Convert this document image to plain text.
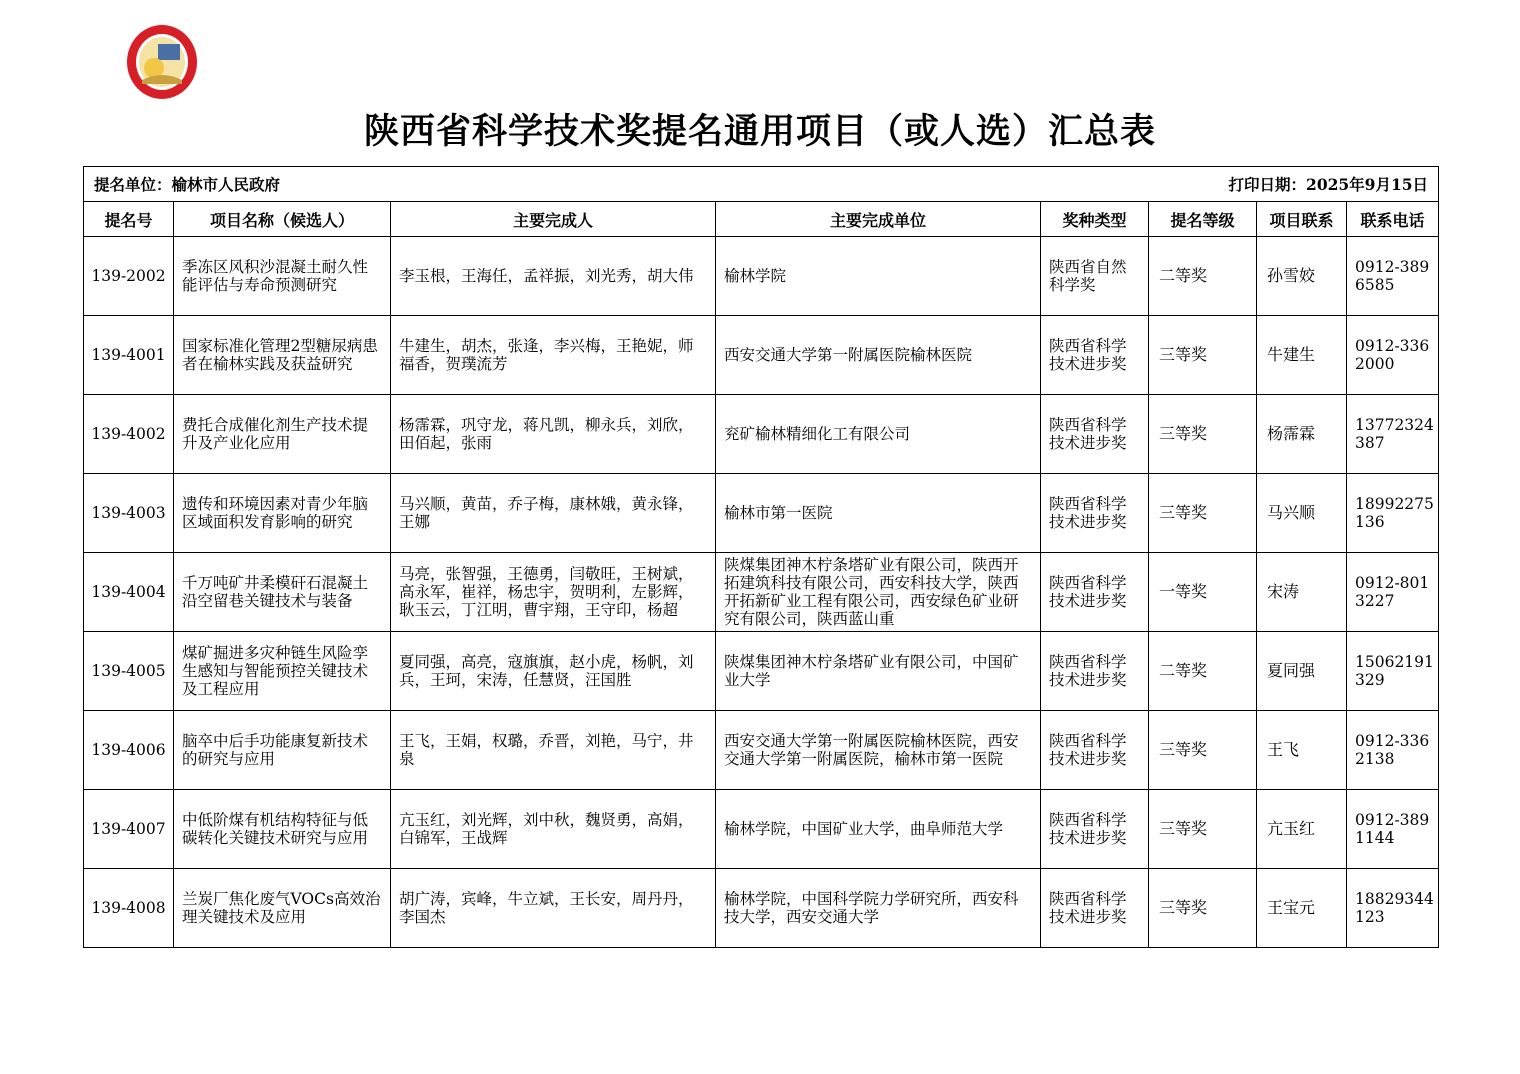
陕西省科学技术奖提名通用项目（或人选）汇总表
提名单位：榆林市人民政府 打印日期：2025年9月15日							

提名号	项目名称（候选人）	主要完成人	主要完成单位	奖种类型	提名等级	项目联系	联系电话
139-2002	季冻区风积沙混凝土耐久性能评估与寿命预测研究	李玉根，王海任，孟祥振，刘光秀，胡大伟	榆林学院	陕西省自然科学奖	二等奖	孙雪姣	0912-3896585
139-4001	国家标准化管理2型糖尿病患者在榆林实践及获益研究	牛建生，胡杰，张逢，李兴梅，王艳妮，师福香，贺璞流芳	西安交通大学第一附属医院榆林医院	陕西省科学技术进步奖	三等奖	牛建生	0912-3362000
139-4002	费托合成催化剂生产技术提升及产业化应用	杨霈霖，巩守龙，蒋凡凯，柳永兵，刘欣，田佰起，张雨	兖矿榆林精细化工有限公司	陕西省科学技术进步奖	三等奖	杨霈霖	13772324387
139-4003	遗传和环境因素对青少年脑区域面积发育影响的研究	马兴顺，黄苗，乔子梅，康林娥，黄永锋，王娜	榆林市第一医院	陕西省科学技术进步奖	三等奖	马兴顺	18992275136
139-4004	千万吨矿井柔模矸石混凝土沿空留巷关键技术与装备	马亮，张智强，王德勇，闫敬旺，王树斌，高永军，崔祥，杨忠宇，贺明利，左影辉，耿玉云，丁江明，曹宇翔，王守印，杨超	陕煤集团神木柠条塔矿业有限公司，陕西开拓建筑科技有限公司，西安科技大学，陕西开拓新矿业工程有限公司，西安绿色矿业研究有限公司，陕西蓝山重	陕西省科学技术进步奖	一等奖	宋涛	0912-8013227
139-4005	煤矿掘进多灾种链生风险孪生感知与智能预控关键技术及工程应用	夏同强，高亮，寇旗旗，赵小虎，杨帆，刘兵，王珂，宋涛，任慧贤，汪国胜	陕煤集团神木柠条塔矿业有限公司，中国矿业大学	陕西省科学技术进步奖	二等奖	夏同强	15062191329
139-4006	脑卒中后手功能康复新技术的研究与应用	王飞，王娟，权璐，乔晋，刘艳，马宁，井泉	西安交通大学第一附属医院榆林医院，西安交通大学第一附属医院，榆林市第一医院	陕西省科学技术进步奖	三等奖	王飞	0912-3362138
139-4007	中低阶煤有机结构特征与低碳转化关键技术研究与应用	亢玉红，刘光辉，刘中秋，魏贤勇，高娟，白锦军，王战辉	榆林学院，中国矿业大学，曲阜师范大学	陕西省科学技术进步奖	三等奖	亢玉红	0912-3891144
139-4008	兰炭厂焦化废气VOCs高效治理关键技术及应用	胡广涛，宾峰，牛立斌，王长安，周丹丹，李国杰	榆林学院，中国科学院力学研究所，西安科技大学，西安交通大学	陕西省科学技术进步奖	三等奖	王宝元	18829344123
